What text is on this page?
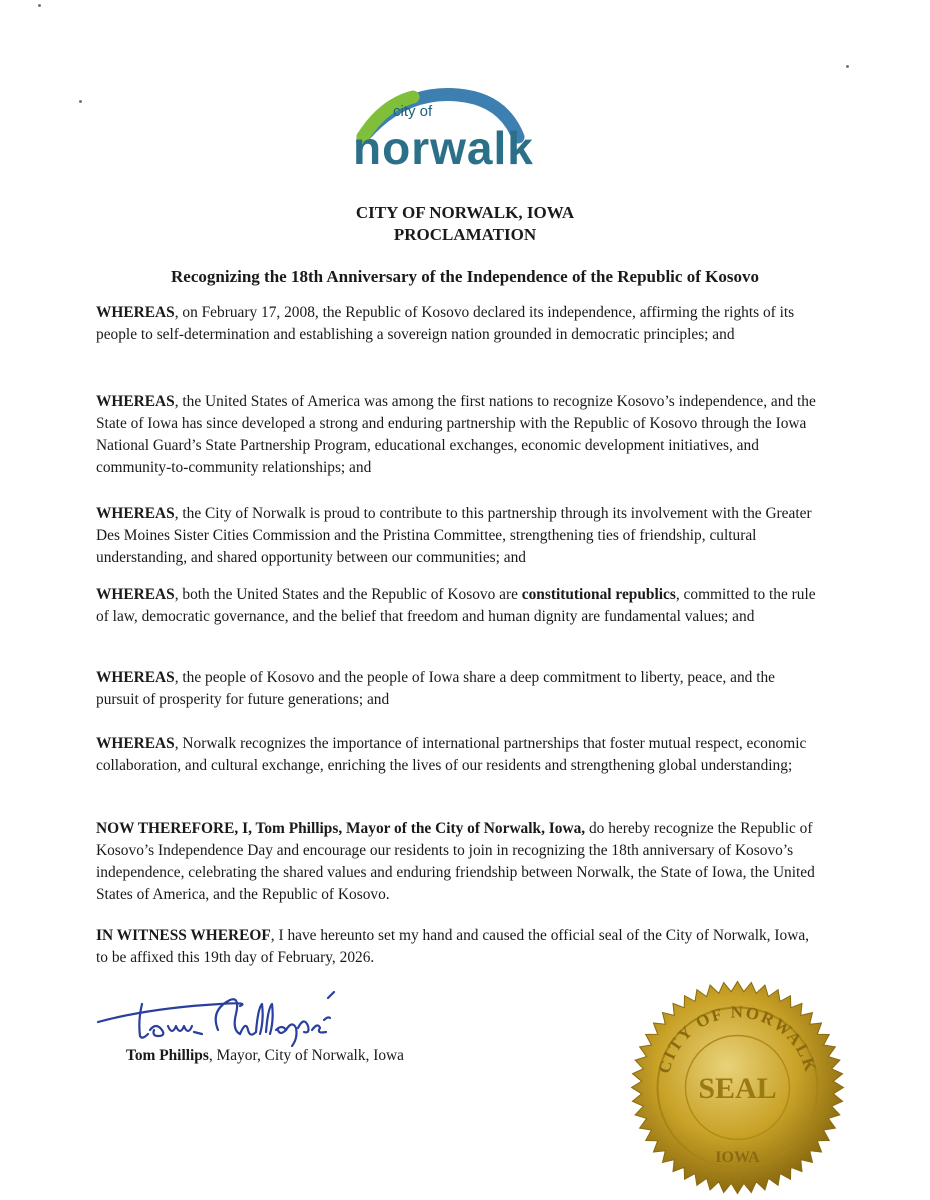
city of
norwalk
CITY OF NORWALK, IOWA
PROCLAMATION
Recognizing the 18th Anniversary of the Independence of the Republic of Kosovo
WHEREAS, on February 17, 2008, the Republic of Kosovo declared its independence, affirming the rights of its people to self-determination and establishing a sovereign nation grounded in democratic principles; and
WHEREAS, the United States of America was among the first nations to recognize Kosovo’s independence, and the State of Iowa has since developed a strong and enduring partnership with the Republic of Kosovo through the Iowa National Guard’s State Partnership Program, educational exchanges, economic development initiatives, and community-to-community relationships; and
WHEREAS, the City of Norwalk is proud to contribute to this partnership through its involvement with the Greater Des Moines Sister Cities Commission and the Pristina Committee, strengthening ties of friendship, cultural understanding, and shared opportunity between our communities; and
WHEREAS, both the United States and the Republic of Kosovo are constitutional republics, committed to the rule of law, democratic governance, and the belief that freedom and human dignity are fundamental values; and
WHEREAS, the people of Kosovo and the people of Iowa share a deep commitment to liberty, peace, and the pursuit of prosperity for future generations; and
WHEREAS, Norwalk recognizes the importance of international partnerships that foster mutual respect, economic collaboration, and cultural exchange, enriching the lives of our residents and strengthening global understanding;
NOW THEREFORE, I, Tom Phillips, Mayor of the City of Norwalk, Iowa, do hereby recognize the Republic of Kosovo’s Independence Day and encourage our residents to join in recognizing the 18th anniversary of Kosovo’s independence, celebrating the shared values and enduring friendship between Norwalk, the State of Iowa, the United States of America, and the Republic of Kosovo.
IN WITNESS WHEREOF, I have hereunto set my hand and caused the official seal of the City of Norwalk, Iowa, to be affixed this 19th day of February, 2026.
Tom Phillips, Mayor, City of Norwalk, Iowa
CITY OF NORWALK
SEAL
IOWA
